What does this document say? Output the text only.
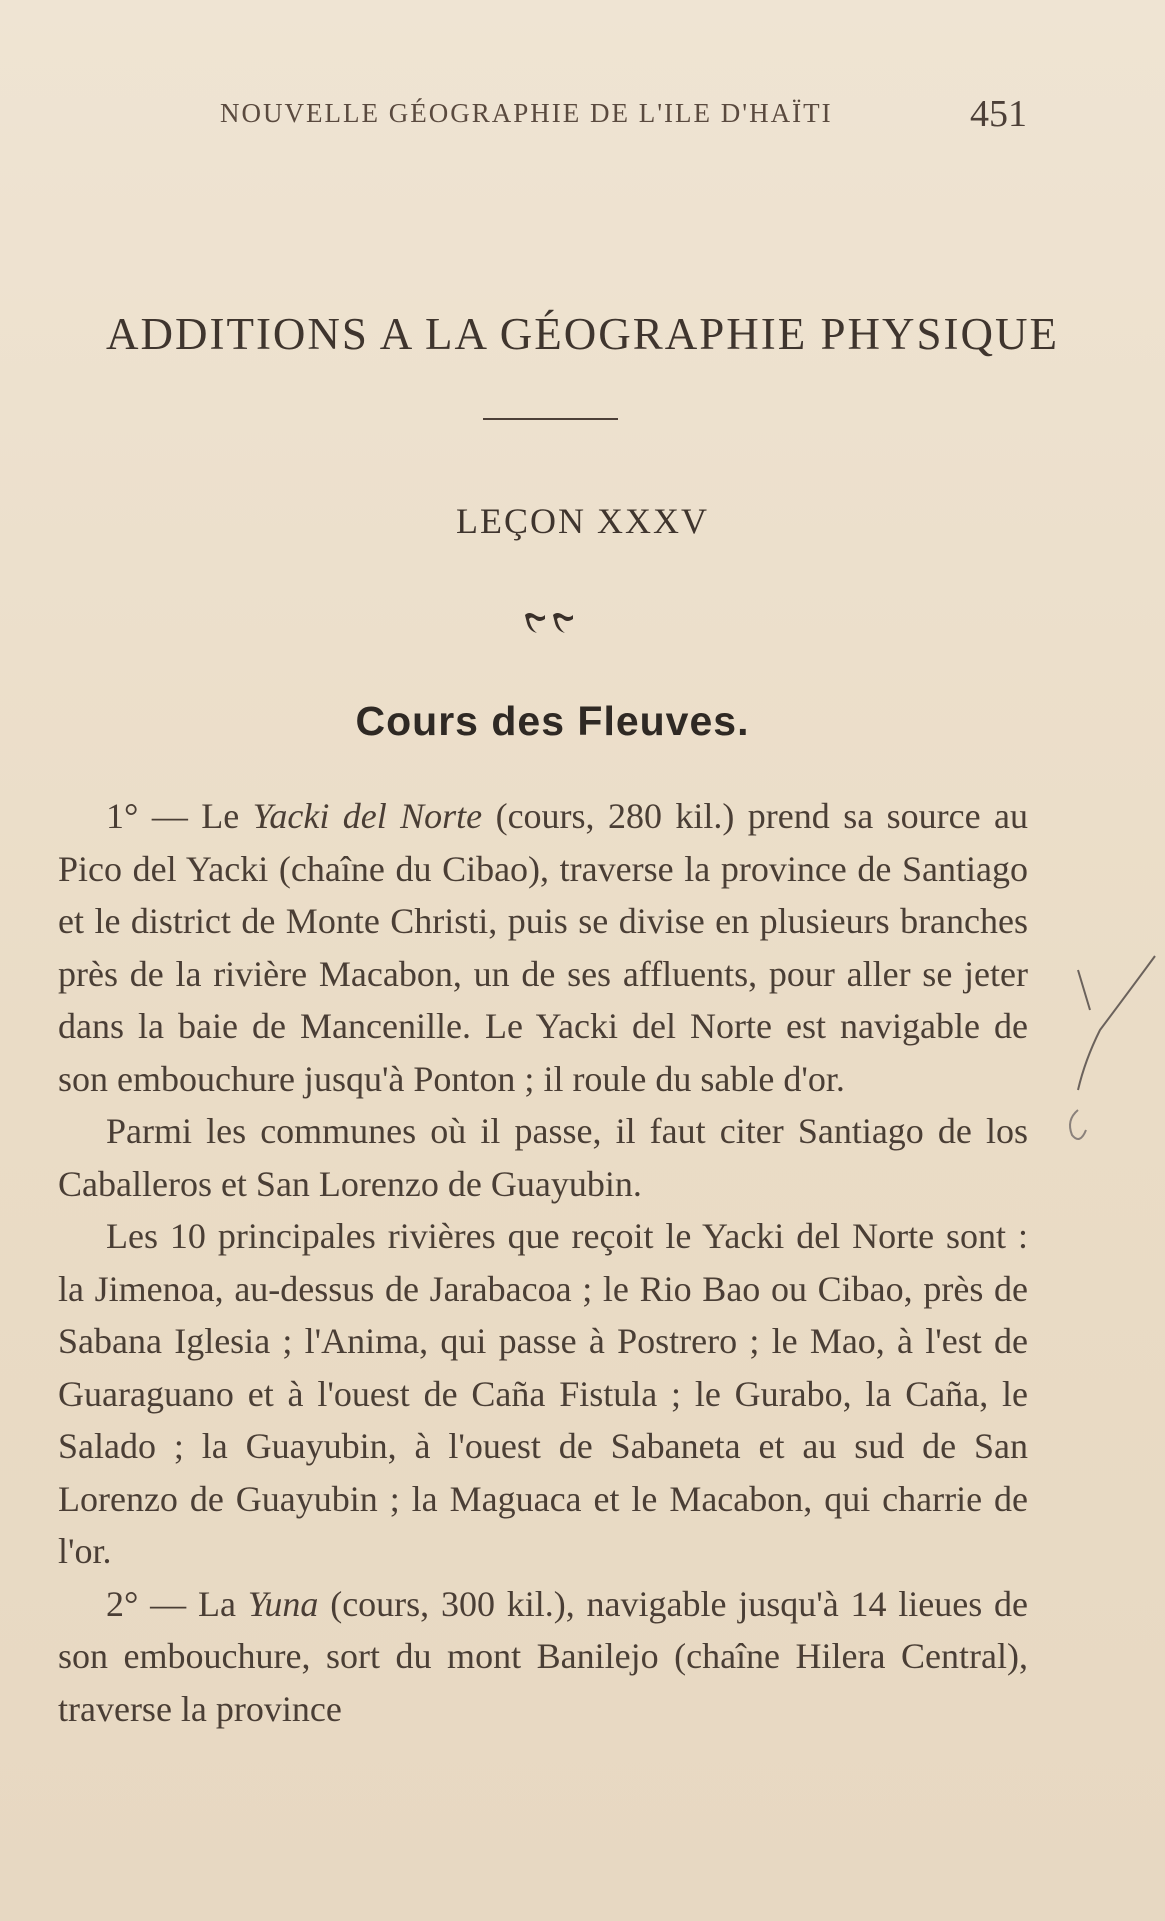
NOUVELLE GÉOGRAPHIE DE L'ILE D'HAÏTI	451
ADDITIONS A LA GÉOGRAPHIE PHYSIQUE
LEÇON XXXV
Cours des Fleuves.

1° — Le Yacki del Norte (cours, 280 kil.) prend sa source au Pico del Yacki (chaîne du Cibao), traverse la province de Santiago et le district de Monte Christi, puis se divise en plusieurs branches près de la rivière Macabon, un de ses affluents, pour aller se jeter dans la baie de Mancenille. Le Yacki del Norte est navigable de son embouchure jusqu'à Ponton ; il roule du sable d'or.

Parmi les communes où il passe, il faut citer Santiago de los Caballeros et San Lorenzo de Guayubin.

Les 10 principales rivières que reçoit le Yacki del Norte sont : la Jimenoa, au-dessus de Jarabacoa ; le Rio Bao ou Cibao, près de Sabana Iglesia ; l'Anima, qui passe à Postrero ; le Mao, à l'est de Guaraguano et à l'ouest de Caña Fistula ; le Gurabo, la Caña, le Salado ; la Guayubin, à l'ouest de Sabaneta et au sud de San Lorenzo de Guayubin ; la Maguaca et le Macabon, qui charrie de l'or.

2° — La Yuna (cours, 300 kil.), navigable jusqu'à 14 lieues de son embouchure, sort du mont Banilejo (chaîne Hilera Central), traverse la province
